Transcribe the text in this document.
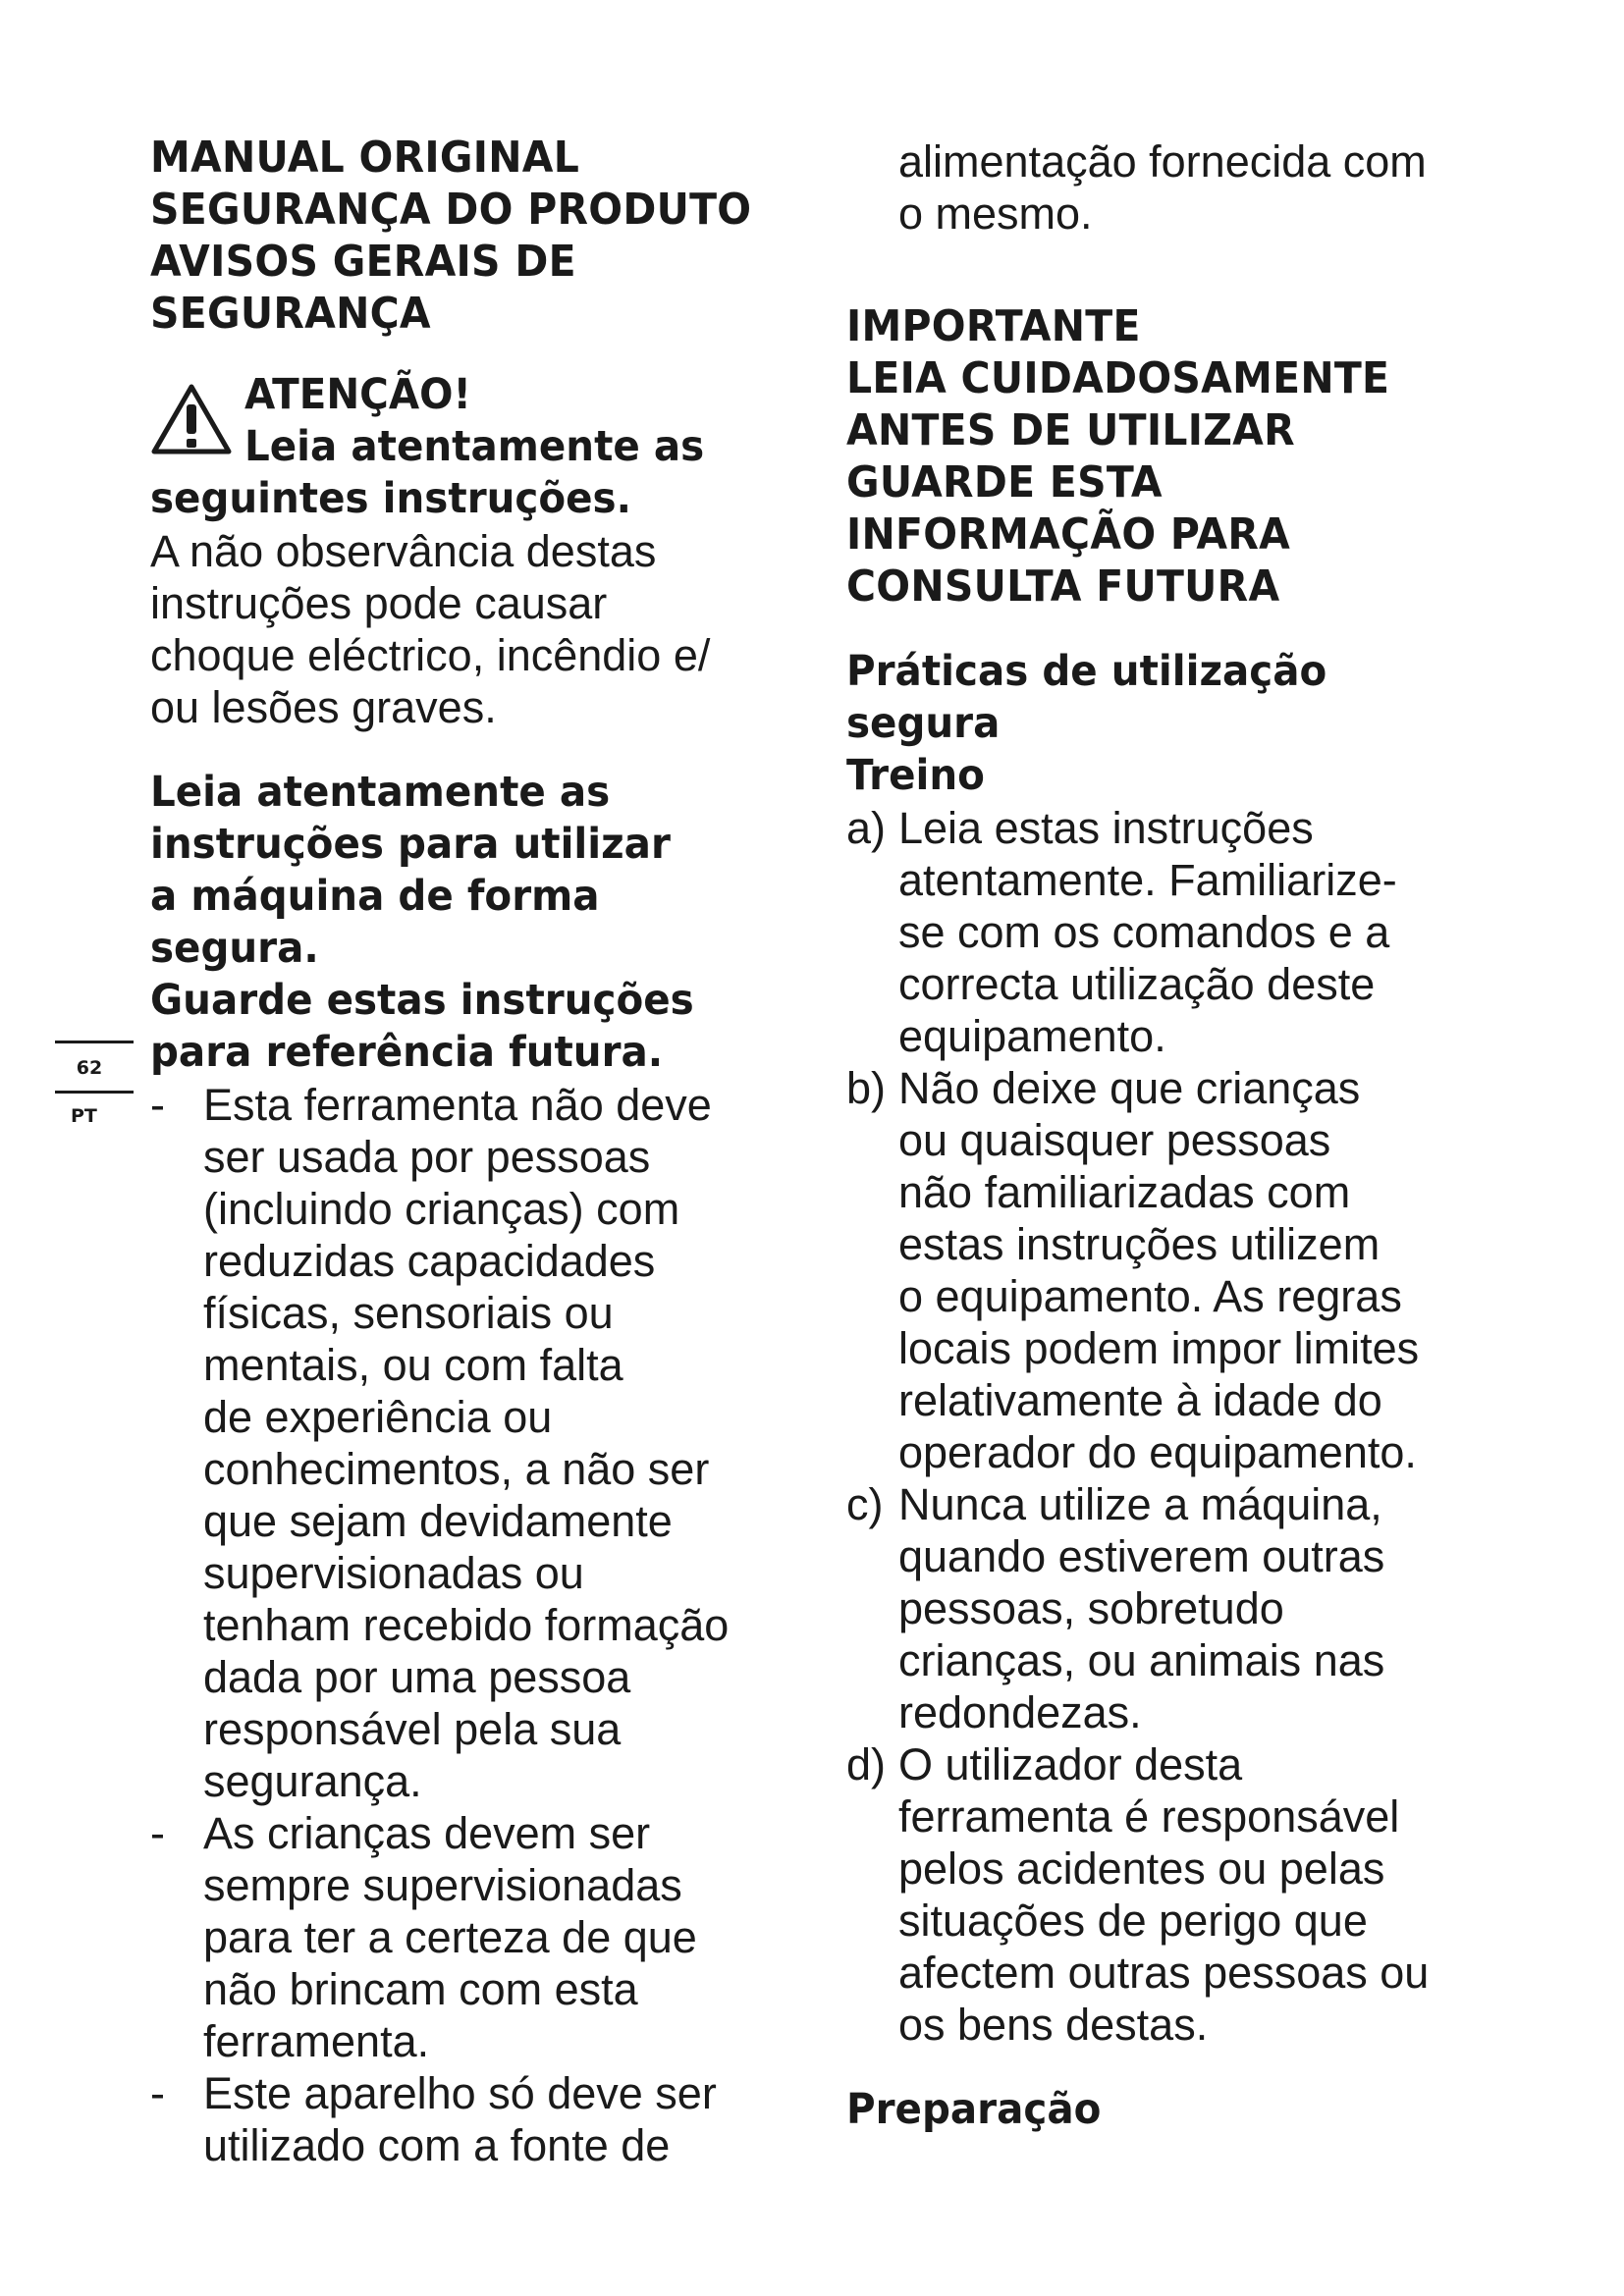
MANUAL ORIGINAL
SEGURANÇA DO PRODUTO
AVISOS GERAIS DE
SEGURANÇA
ATENÇÃO!
Leia atentamente as
seguintes instruções.
A não observância destas
instruções pode causar
choque eléctrico, incêndio e/
ou lesões graves.
Leia atentamente as
instruções para utilizar
a máquina de forma
segura.
Guarde estas instruções
para referência futura.
- Esta ferramenta não deve
ser usada por pessoas
(incluindo crianças) com
reduzidas capacidades
físicas, sensoriais ou
mentais, ou com falta
de experiência ou
conhecimentos, a não ser
que sejam devidamente
supervisionadas ou
tenham recebido formação
dada por uma pessoa
responsável pela sua
segurança.
- As crianças devem ser
sempre supervisionadas
para ter a certeza de que
não brincam com esta
ferramenta.
- Este aparelho só deve ser
utilizado com a fonte de
62
PT
alimentação fornecida com
o mesmo.
IMPORTANTE
LEIA CUIDADOSAMENTE
ANTES DE UTILIZAR
GUARDE ESTA
INFORMAÇÃO PARA
CONSULTA FUTURA
Práticas de utilização
segura
Treino
a) Leia estas instruções
atentamente. Familiarize-
se com os comandos e a
correcta utilização deste
equipamento.
b) Não deixe que crianças
ou quaisquer pessoas
não familiarizadas com
estas instruções utilizem
o equipamento. As regras
locais podem impor limites
relativamente à idade do
operador do equipamento.
c) Nunca utilize a máquina,
quando estiverem outras
pessoas, sobretudo
crianças, ou animais nas
redondezas.
d) O utilizador desta
ferramenta é responsável
pelos acidentes ou pelas
situações de perigo que
afectem outras pessoas ou
os bens destas.
Preparação
